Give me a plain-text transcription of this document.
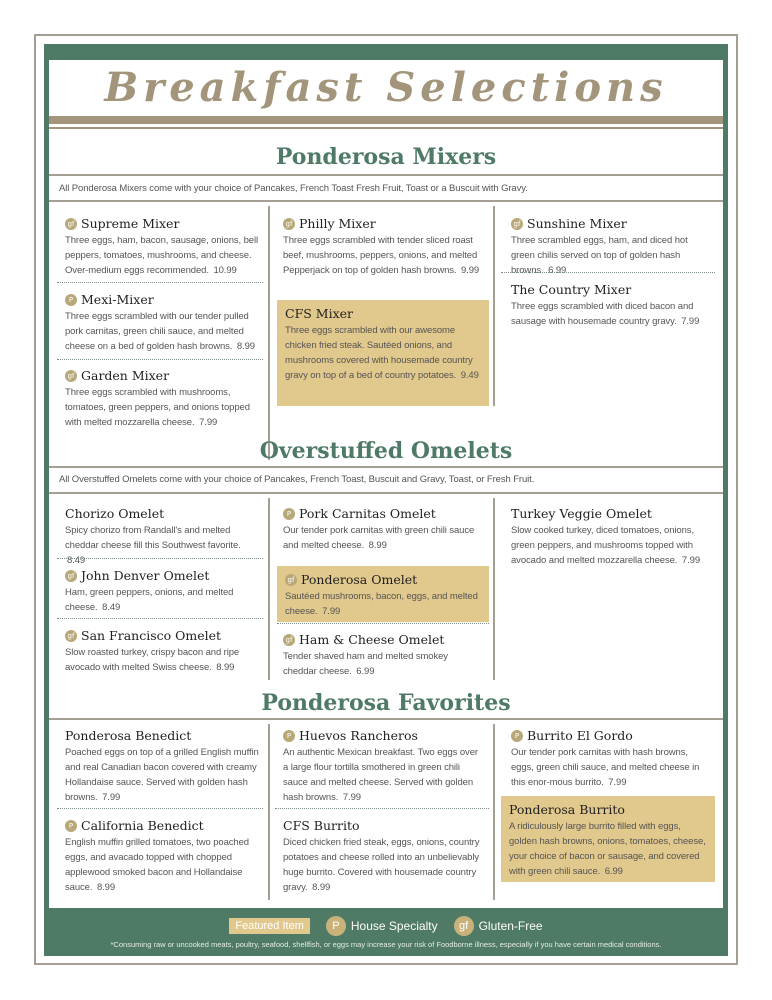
Breakfast Selections
Ponderosa Mixers
All Ponderosa Mixers come with your choice of Pancakes, French Toast Fresh Fruit, Toast or a Buscuit with Gravy.
gf Supreme Mixer
Three eggs, ham, bacon, sausage, onions, bell peppers, tomatoes, mushrooms, and cheese. Over-medium eggs recommended. 10.99
P Mexi-Mixer
Three eggs scrambled with our tender pulled pork carnitas, green chili sauce, and melted cheese on a bed of golden hash browns. 8.99
gf Garden Mixer
Three eggs scrambled with mushrooms, tomatoes, green peppers, and onions topped with melted mozzarella cheese. 7.99
gf Philly Mixer
Three eggs scrambled with tender sliced roast beef, mushrooms, peppers, onions, and melted Pepperjack on top of golden hash browns. 9.99
CFS Mixer
Three eggs scrambled with our awesome chicken fried steak. Sautéed onions, and mushrooms covered with housemade country gravy on top of a bed of country potatoes. 9.49
gf Sunshine Mixer
Three scrambled eggs, ham, and diced hot green chilis served on top of golden hash browns. 6.99
The Country Mixer
Three eggs scrambled with diced bacon and sausage with housemade country gravy. 7.99
Overstuffed Omelets
All Overstuffed Omelets come with your choice of Pancakes, French Toast, Buscuit and Gravy, Toast, or Fresh Fruit.
Chorizo Omelet
Spicy chorizo from Randall's and melted cheddar cheese fill this Southwest favorite. 8.49
gf John Denver Omelet
Ham, green peppers, onions, and melted cheese. 8.49
gf San Francisco Omelet
Slow roasted turkey, crispy bacon and ripe avocado with melted Swiss cheese. 8.99
P Pork Carnitas Omelet
Our tender pork carnitas with green chili sauce and melted cheese. 8.99
gf Ponderosa Omelet
Sautéed mushrooms, bacon, eggs, and melted cheese. 7.99
gf Ham & Cheese Omelet
Tender shaved ham and melted smokey cheddar cheese. 6.99
Turkey Veggie Omelet
Slow cooked turkey, diced tomatoes, onions, green peppers, and mushrooms topped with avocado and melted mozzarella cheese. 7.99
Ponderosa Favorites
Ponderosa Benedict
Poached eggs on top of a grilled English muffin and real Canadian bacon covered with creamy Hollandaise sauce. Served with golden hash browns. 7.99
P California Benedict
English muffin grilled tomatoes, two poached eggs, and avacado topped with chopped applewood smoked bacon and Hollandaise sauce. 8.99
P Huevos Rancheros
An authentic Mexican breakfast. Two eggs over a large flour tortilla smothered in green chili sauce and melted cheese. Served with golden hash browns. 7.99
CFS Burrito
Diced chicken fried steak, eggs, onions, country potatoes and cheese rolled into an unbelievably huge burrito. Covered with housemade country gravy. 8.99
P Burrito El Gordo
Our tender pork carnitas with hash browns, eggs, green chili sauce, and melted cheese in this enor-mous burrito. 7.99
Ponderosa Burrito
A ridiculously large burrito filled with eggs, golden hash browns, onions, tomatoes, cheese, your choice of bacon or sausage, and covered with green chili sauce. 6.99
Featured Item	P House Specialty	gf Gluten-Free
*Consuming raw or uncooked meats, poultry, seafood, shellfish, or eggs may increase your risk of Foodborne illness, especially if you have certain medical conditions.
